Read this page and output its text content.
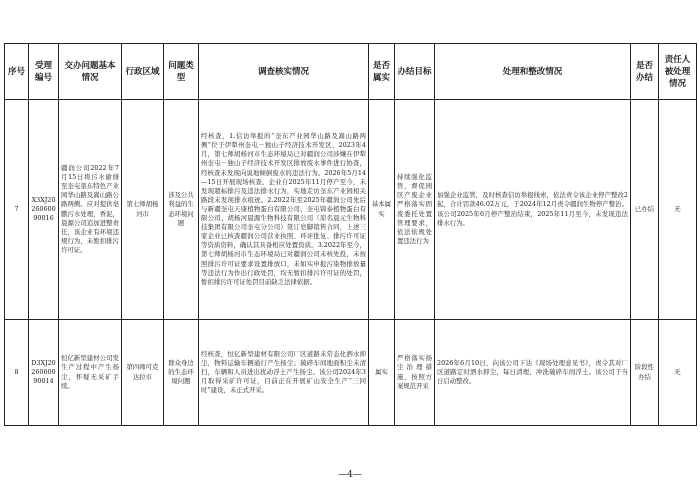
序号	受理编号	交办问题基本情况	行政区域	问题类型	调查核实情况	是否属实	办结目标	处理和整改情况	是否办结	责任人被处理情况
7	X3XJ2026060090016	疆润公司2022年7月15日将污水偷排至奎屯垦东特色产业园华山路及嵩山路公路两侧。应对提供皂鹏污水处理，香泥，晨源公司追加进整责任，该企业有环境违规行为，未暂扣排污许可证。	第七师胡杨河市	涉及公共利益的生态环境问题	经核查，1.信访举报的“奎东产业园华山路及嵩山路两侧”位于伊犁州奎屯－独山子经济技术开发区，2023年4月，第七师胡杨河市生态环境局已对疆润公司涉嫌在伊犁州奎屯－独山子经济技术开发区排放废水事件进行协查，经核查未发现向说地倾倒废水的违法行为。2026年5月14—15日开展现场核查，企业自2025年11月停产至今，未发现超标排污及违法排水行为，实地走访奎东产业园相关路段未发现排水痕迹。2.2022年至2025年疆润公司先后与新疆奎屯天康植物蛋白有限公司、奎屯锦泰植物蛋白有限公司、胡杨河晨源生物科技有限公司（原名晨元生物科技集团有限公司奎屯分公司）签订皂脚销售合同，上述三家企业已核查疆润公司营业执照、环评批复、排污许可证等资质资料，确认其具备相应处置资质。3.2022年至今，第七师胡杨河市生态环境局已对疆润公司未核先投，未按照排污许可证要求设置排放口，未如实申报污染物排放量等违法行为作出行政处罚，均无暂扣排污许可证的处罚，暂扣排污许可证处罚目前缺乏法律依据。	基本属实	持续强化监管，督促园区产废企业严格落实固废委托处置管理要求，依法依规处置违法行为	加强企业监管，及时核查信访举报线索，依法责令该企业停产整改2起，合计罚款46.02万元，于2024年12月责令疆润生物停产整治。该公司2025年6月停产整治结束，2025年11月至今，未发现违法排水行为。	已办结	无
8	D3XJ2026060090014	恒亿新型建材公司发生产过程中产生扬尘，怀疑无采矿手续。	第四师可克达拉市	群众身边的生态环境问题	经核查，恒亿新型建材有限公司厂区道路未常态化洒水抑尘，物料运输车辆通行产生扬尘；破碎车间地面积尘未清扫，车辆和人员进出扰动浮土产生扬尘。该公司2024年3月取得采矿许可证，目前正在开展矿山安全生产“三同时”建设，未正式开采。	属实	严格落实扬尘治理措施，按照方案规范开采	2026年6月10日，向该公司下达《现场处理意见书》，责令其对厂区道路定时洒水抑尘，每日清理、冲洗破碎车间浮土。该公司于当日启动整改。	阶段性办结	无
—4—
